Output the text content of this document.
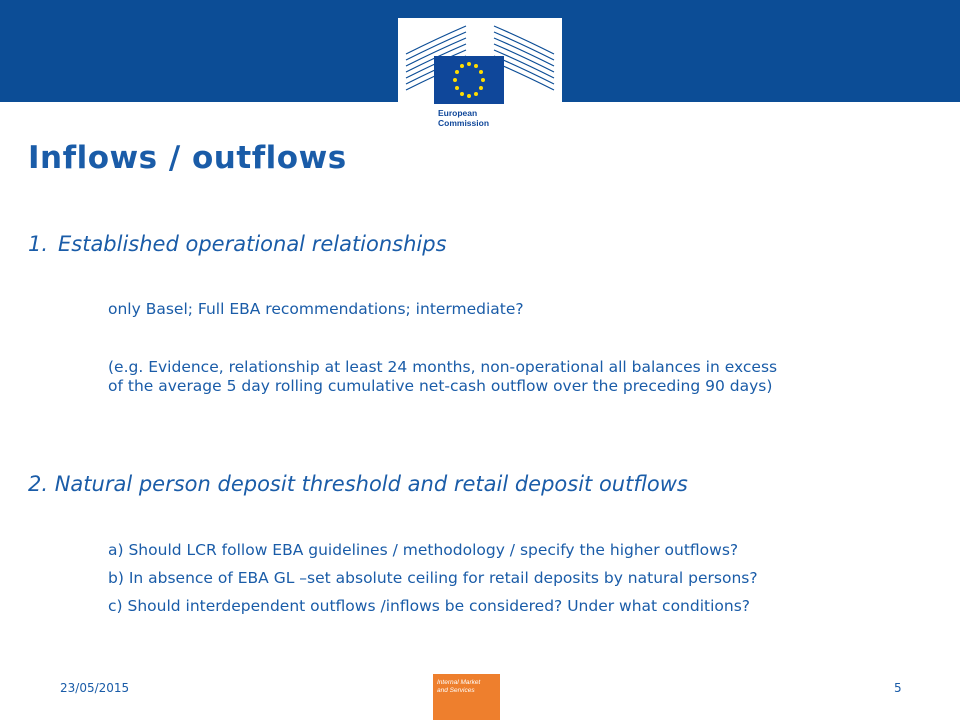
European
Commission
Inflows / outflows

1. Established operational relationships

only Basel; Full EBA recommendations; intermediate?

(e.g. Evidence, relationship at least 24 months, non-operational all balances in excess
of the average 5 day rolling cumulative net-cash outflow over the preceding 90 days)

2. Natural person deposit threshold and retail deposit outflows

a) Should LCR follow EBA guidelines / methodology / specify the higher outflows?

b) In absence of EBA GL –set absolute ceiling for retail deposits by natural persons?

c) Should interdependent outflows /inflows be considered? Under what conditions?

23/05/2015	Internal Market
and Services	5
